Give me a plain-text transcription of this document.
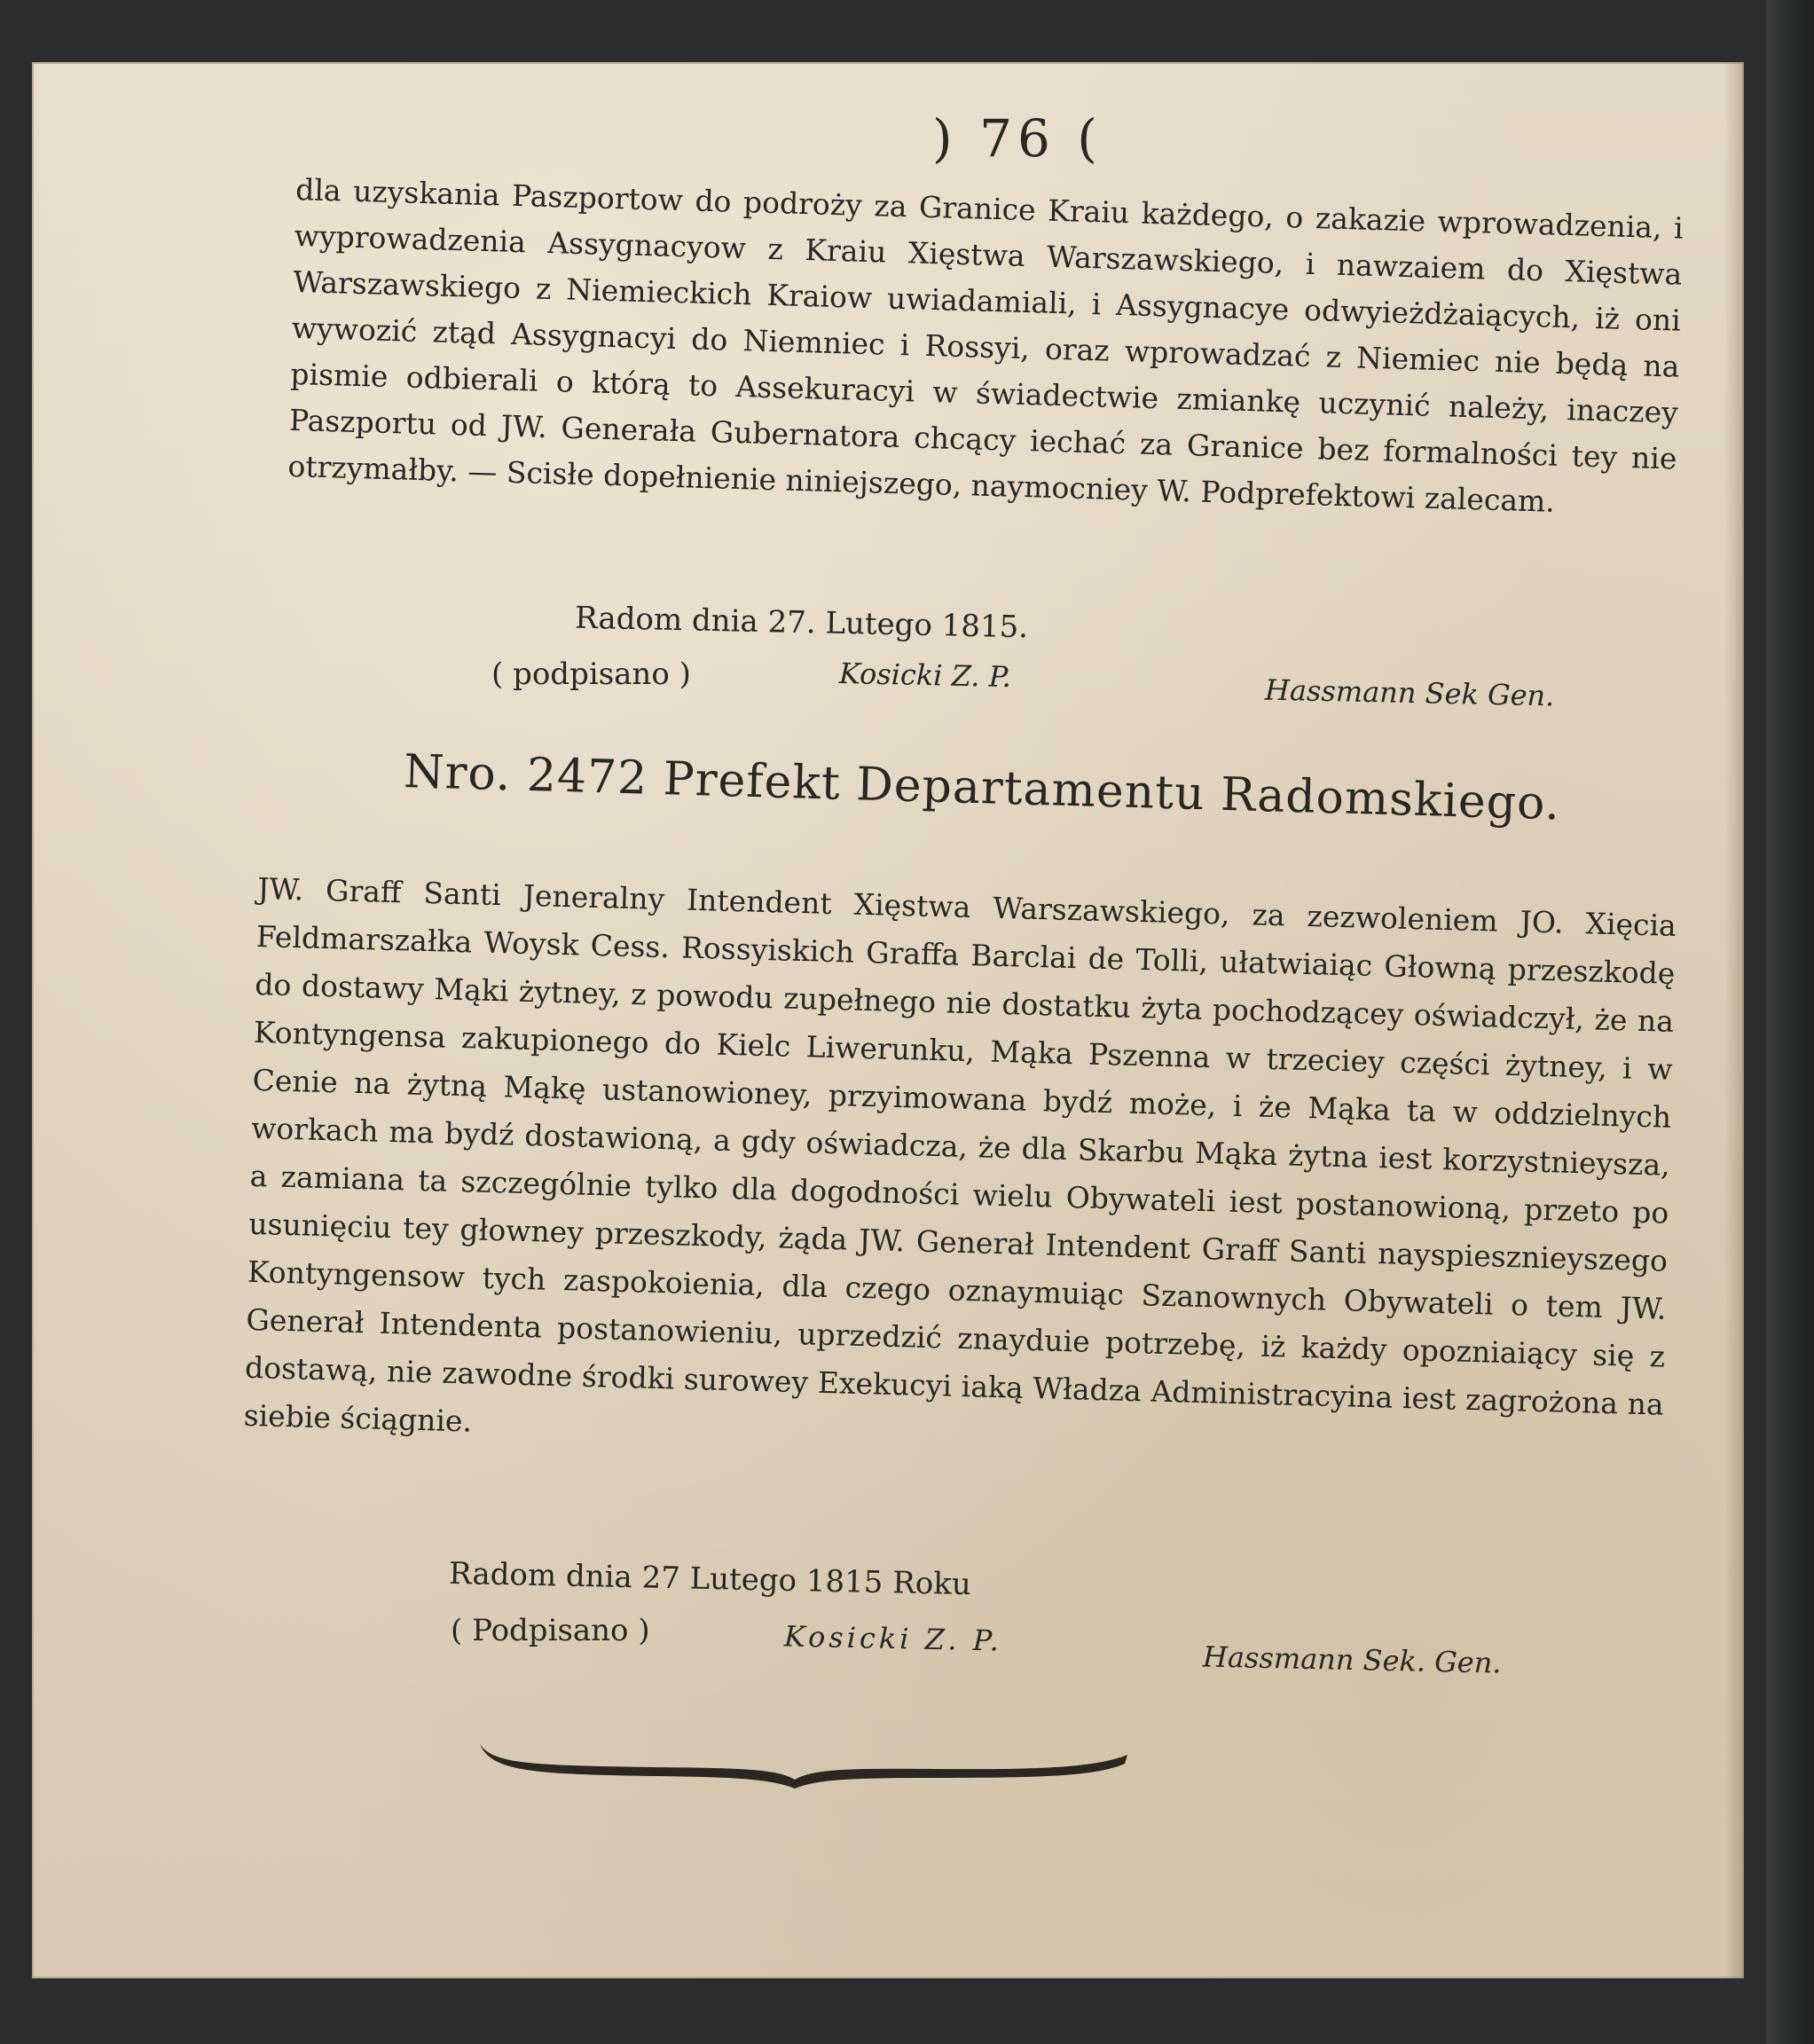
) 76 (
dla uzyskania Paszportow do podroży za Granice Kraiu każdego, o zakazie wprowadzenia, i wyprowadzenia Assygnacyow z Kraiu Xięstwa Warszawskiego, i nawzaiem do Xięstwa Warszawskiego z Niemieckich Kraiow uwiadamiali, i Assygnacye odwyieżdżaiących, iż oni wywozić ztąd Assygnacyi do Niemniec i Rossyi, oraz wprowadzać z Niemiec nie będą na pismie odbierali o którą to Assekuracyi w świadectwie zmiankę uczynić należy, inaczey Paszportu od JW. Generała Gubernatora chcący iechać za Granice bez formalności tey nie otrzymałby. — Scisłe dopełnienie niniejszego, naymocniey W. Podprefektowi zalecam.
Radom dnia 27. Lutego 1815.
( podpisano )	Kosicki Z. P.	Hassmann Sek Gen.
Nro. 2472 Prefekt Departamentu Radomskiego.
JW. Graff Santi Jeneralny Intendent Xięstwa Warszawskiego, za zezwoleniem JO. Xięcia Feldmarszałka Woysk Cess. Rossyiskich Graffa Barclai de Tolli, ułatwiaiąc Głowną przeszkodę do dostawy Mąki żytney, z powodu zupełnego nie dostatku żyta pochodzącey oświadczył, że na Kontyngensa zakupionego do Kielc Liwerunku, Mąka Pszenna w trzeciey części żytney, i w Cenie na żytną Mąkę ustanowioney, przyimowana bydź może, i że Mąka ta w oddzielnych workach ma bydź dostawioną, a gdy oświadcza, że dla Skarbu Mąka żytna iest korzystnieysza, a zamiana ta szczególnie tylko dla dogodności wielu Obywateli iest postanowioną, przeto po usunięciu tey głowney przeszkody, żąda JW. Generał Intendent Graff Santi nayspiesznieyszego Kontyngensow tych zaspokoienia, dla czego oznaymuiąc Szanownych Obywateli o tem JW. Generał Intendenta postanowieniu, uprzedzić znayduie potrzebę, iż każdy opozniaiący się z dostawą, nie zawodne środki surowey Exekucyi iaką Władza Administracyina iest zagrożona na siebie ściągnie.
Radom dnia 27 Lutego 1815 Roku
( Podpisano )	Kosicki Z. P.
Hassmann Sek. Gen.
